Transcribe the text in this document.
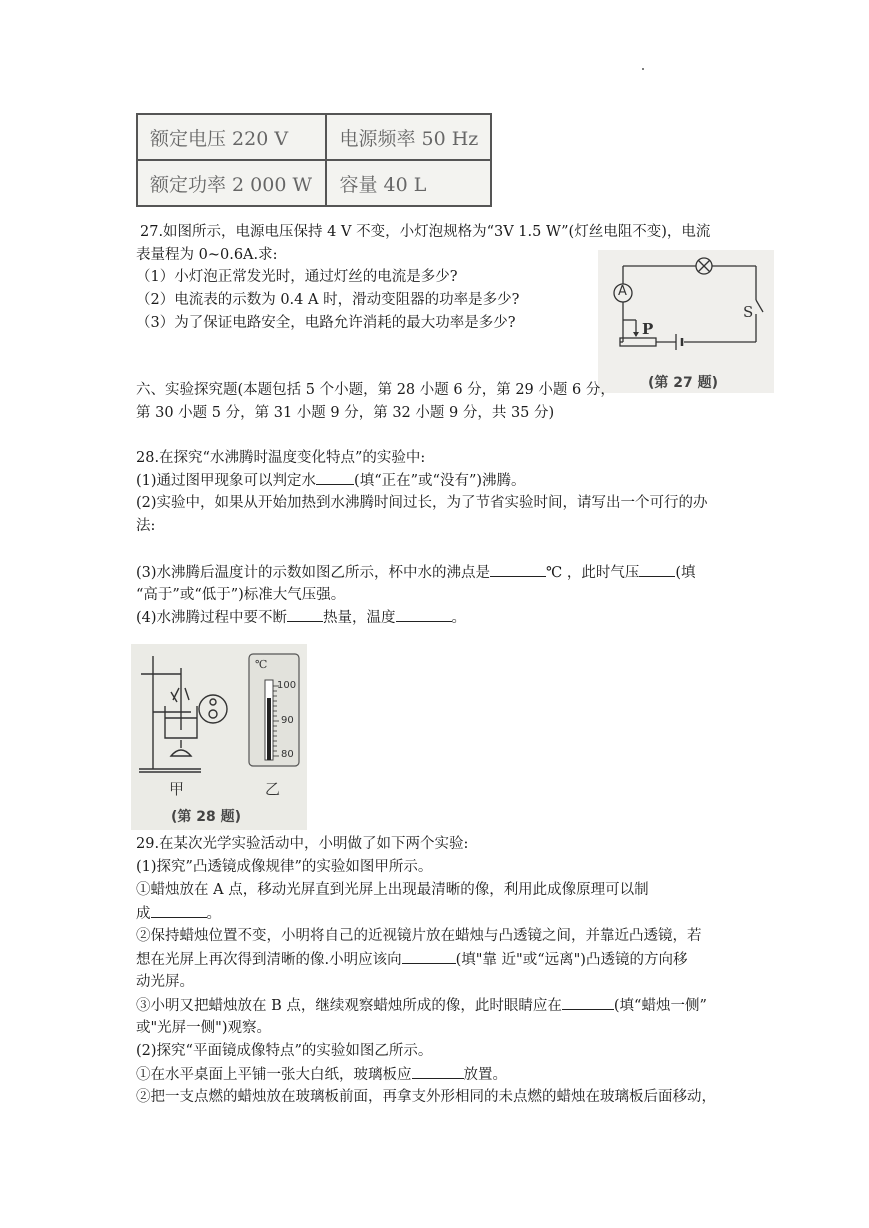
额定电压 220 V	电源频率 50 Hz
额定功率 2 000 W	容量 40 L
27.如图所示，电源电压保持 4 V 不变，小灯泡规格为“3V 1.5 W”(灯丝电阻不变)，电流
表量程为 0~0.6A.求:
（1）小灯泡正常发光时，通过灯丝的电流是多少?
（2）电流表的示数为 0.4 A 时，滑动变阻器的功率是多少?
（3）为了保证电路安全，电路允许消耗的最大功率是多少?
A
S
P
(第 27 题)
六、实验探究题(本题包括 5 个小题，第 28 小题 6 分，第 29 小题 6 分，
第 30 小题 5 分，第 31 小题 9 分，第 32 小题 9 分，共 35 分)
28.在探究“水沸腾时温度变化特点”的实验中:
(1)通过图甲现象可以判定水	(填“正在”或“没有”)沸腾。
(2)实验中，如果从开始加热到水沸腾时间过长，为了节省实验时间，请写出一个可行的办
法:
(3)水沸腾后温度计的示数如图乙所示，杯中水的沸点是	℃ ，此时气压 (填
“高于”或“低于”)标准大气压强。
(4)水沸腾过程中要不断 热量，温度	。
℃
100
90
80
甲	乙
(第 28 题)
29.在某次光学实验活动中，小明做了如下两个实验:
(1)探究”凸透镜成像规律”的实验如图甲所示。
①蜡烛放在 A 点，移动光屏直到光屏上出现最清晰的像，利用此成像原理可以制
成	。
②保持蜡烛位置不变，小明将自己的近视镜片放在蜡烛与凸透镜之间，并靠近凸透镜，若
想在光屏上再次得到清晰的像.小明应该向	(填"靠 近"或“远离")凸透镜的方向移
动光屏。
③小明又把蜡烛放在 B 点，继续观察蜡烛所成的像，此时眼睛应在	(填“蜡烛一侧”
或"光屏一侧")观察。
(2)探究“平面镜成像特点”的实验如图乙所示。
①在水平桌面上平铺一张大白纸，玻璃板应	放置。
②把一支点燃的蜡烛放在玻璃板前面，再拿支外形相同的未点燃的蜡烛在玻璃板后面移动，
